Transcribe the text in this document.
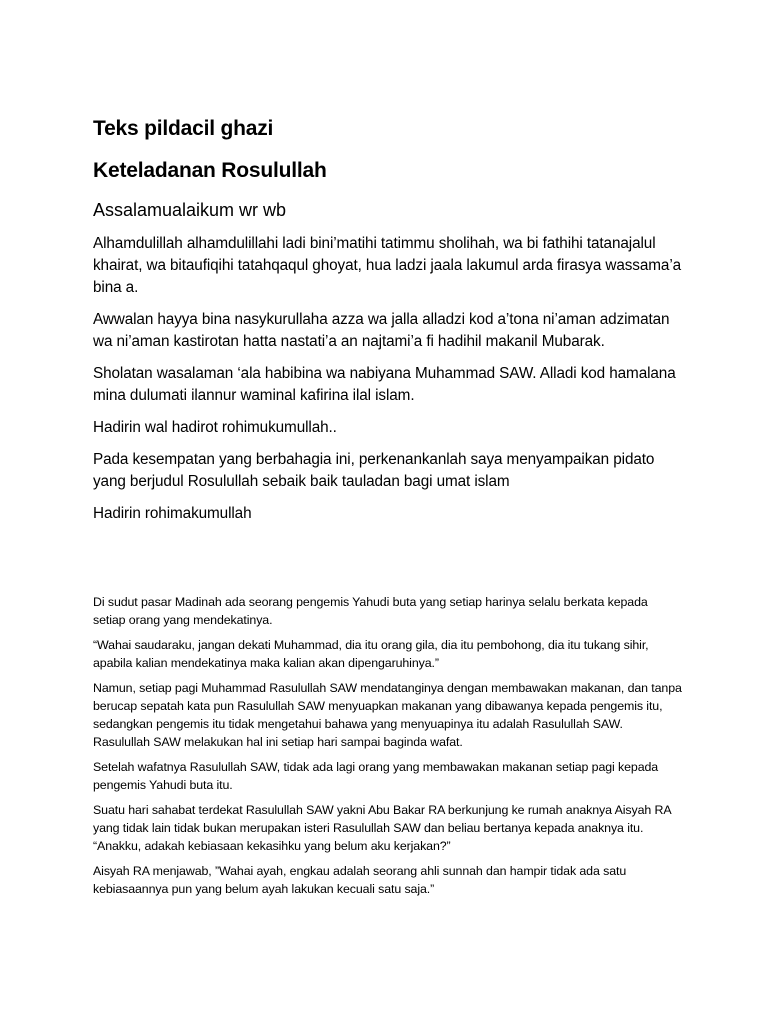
Teks pildacil ghazi
Keteladanan Rosulullah
Assalamualaikum wr wb

Alhamdulillah alhamdulillahi ladi bini’matihi tatimmu sholihah, wa bi fathihi tatanajalul khairat, wa bitaufiqihi tatahqaqul ghoyat, hua ladzi jaala lakumul arda firasya wassama’a bina a.

Awwalan hayya bina nasykurullaha azza wa jalla alladzi kod a’tona ni’aman adzimatan wa ni’aman kastirotan hatta nastati’a an najtami’a fi hadihil makanil Mubarak.

Sholatan wasalaman ‘ala habibina wa nabiyana Muhammad SAW. Alladi kod hamalana mina dulumati ilannur waminal kafirina ilal islam.

Hadirin wal hadirot rohimukumullah..

Pada kesempatan yang berbahagia ini, perkenankanlah saya menyampaikan pidato yang berjudul Rosulullah sebaik baik tauladan bagi umat islam

Hadirin rohimakumullah

Di sudut pasar Madinah ada seorang pengemis Yahudi buta yang setiap harinya selalu berkata kepada setiap orang yang mendekatinya.

“Wahai saudaraku, jangan dekati Muhammad, dia itu orang gila, dia itu pembohong, dia itu tukang sihir, apabila kalian mendekatinya maka kalian akan dipengaruhinya.”

Namun, setiap pagi Muhammad Rasulullah SAW mendatanginya dengan membawakan makanan, dan tanpa berucap sepatah kata pun Rasulullah SAW menyuapkan makanan yang dibawanya kepada pengemis itu, sedangkan pengemis itu tidak mengetahui bahawa yang menyuapinya itu adalah Rasulullah SAW. Rasulullah SAW melakukan hal ini setiap hari sampai baginda wafat.

Setelah wafatnya Rasulullah SAW, tidak ada lagi orang yang membawakan makanan setiap pagi kepada pengemis Yahudi buta itu.

Suatu hari sahabat terdekat Rasulullah SAW yakni Abu Bakar RA berkunjung ke rumah anaknya Aisyah RA yang tidak lain tidak bukan merupakan isteri Rasulullah SAW dan beliau bertanya kepada anaknya itu.
“Anakku, adakah kebiasaan kekasihku yang belum aku kerjakan?”

Aisyah RA menjawab, ”Wahai ayah, engkau adalah seorang ahli sunnah dan hampir tidak ada satu kebiasaannya pun yang belum ayah lakukan kecuali satu saja.”
